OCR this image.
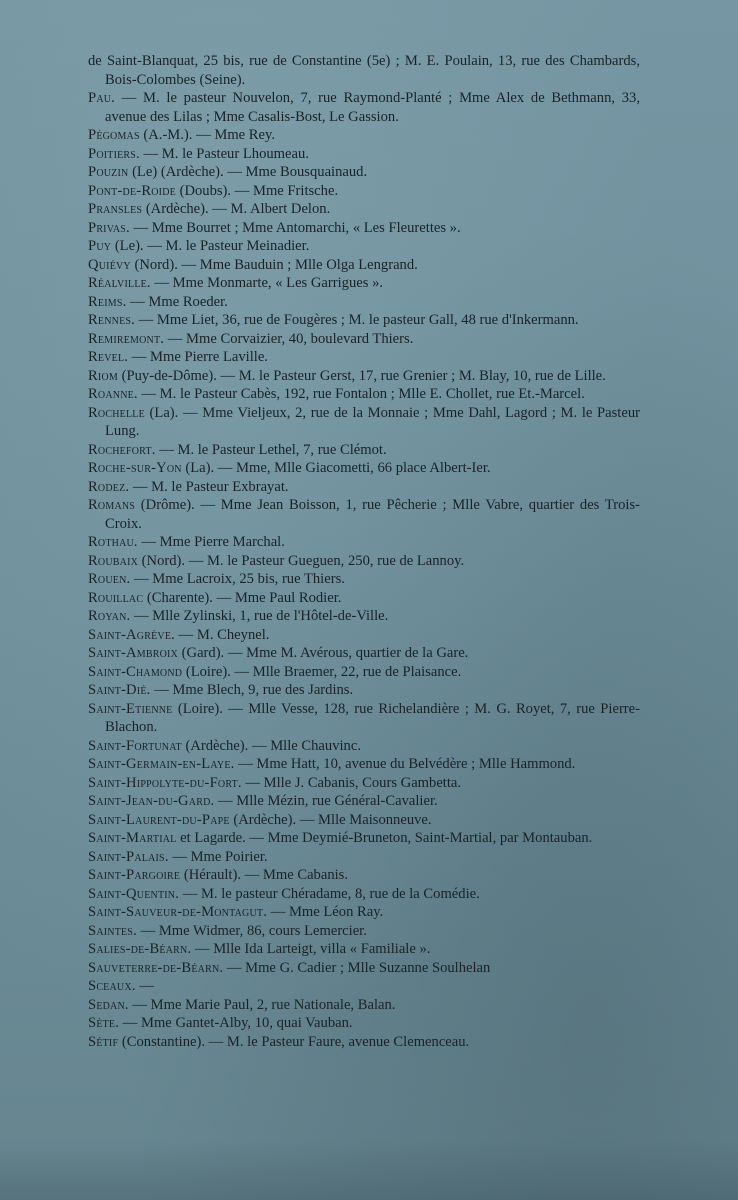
de Saint-Blanquat, 25 bis, rue de Constantine (5e) ; M. E. Poulain, 13, rue des Chambards, Bois-Colombes (Seine).

Pau. — M. le pasteur Nouvelon, 7, rue Raymond-Planté ; Mme Alex de Bethmann, 33, avenue des Lilas ; Mme Casalis-Bost, Le Gassion.

Pégomas (A.-M.). — Mme Rey.

Poitiers. — M. le Pasteur Lhoumeau.

Pouzin (Le) (Ardèche). — Mme Bousquainaud.

Pont-de-Roide (Doubs). — Mme Fritsche.

Pransles (Ardèche). — M. Albert Delon.

Privas. — Mme Bourret ; Mme Antomarchi, « Les Fleurettes ».

Puy (Le). — M. le Pasteur Meinadier.

Quiévy (Nord). — Mme Bauduin ; Mlle Olga Lengrand.

Réalville. — Mme Monmarte, « Les Garrigues ».

Reims. — Mme Roeder.

Rennes. — Mme Liet, 36, rue de Fougères ; M. le pasteur Gall, 48 rue d'Inkermann.

Remiremont. — Mme Corvaizier, 40, boulevard Thiers.

Revel. — Mme Pierre Laville.

Riom (Puy-de-Dôme). — M. le Pasteur Gerst, 17, rue Grenier ; M. Blay, 10, rue de Lille.

Roanne. — M. le Pasteur Cabès, 192, rue Fontalon ; Mlle E. Chollet, rue Et.-Marcel.

Rochelle (La). — Mme Vieljeux, 2, rue de la Monnaie ; Mme Dahl, Lagord ; M. le Pasteur Lung.

Rochefort. — M. le Pasteur Lethel, 7, rue Clémot.

Roche-sur-Yon (La). — Mme, Mlle Giacometti, 66 place Albert-Ier.

Rodez. — M. le Pasteur Exbrayat.

Romans (Drôme). — Mme Jean Boisson, 1, rue Pêcherie ; Mlle Vabre, quartier des Trois-Croix.

Rothau. — Mme Pierre Marchal.

Roubaix (Nord). — M. le Pasteur Gueguen, 250, rue de Lannoy.

Rouen. — Mme Lacroix, 25 bis, rue Thiers.

Rouillac (Charente). — Mme Paul Rodier.

Royan. — Mlle Zylinski, 1, rue de l'Hôtel-de-Ville.

Saint-Agrève. — M. Cheynel.

Saint-Ambroix (Gard). — Mme M. Avérous, quartier de la Gare.

Saint-Chamond (Loire). — Mlle Braemer, 22, rue de Plaisance.

Saint-Dié. — Mme Blech, 9, rue des Jardins.

Saint-Etienne (Loire). — Mlle Vesse, 128, rue Richelandière ; M. G. Royet, 7, rue Pierre-Blachon.

Saint-Fortunat (Ardèche). — Mlle Chauvinc.

Saint-Germain-en-Laye. — Mme Hatt, 10, avenue du Belvédère ; Mlle Hammond.

Saint-Hippolyte-du-Fort. — Mlle J. Cabanis, Cours Gambetta.

Saint-Jean-du-Gard. — Mlle Mézin, rue Général-Cavalier.

Saint-Laurent-du-Pape (Ardèche). — Mlle Maisonneuve.

Saint-Martial et Lagarde. — Mme Deymié-Bruneton, Saint-Martial, par Montauban.

Saint-Palais. — Mme Poirier.

Saint-Pargoire (Hérault). — Mme Cabanis.

Saint-Quentin. — M. le pasteur Chéradame, 8, rue de la Comédie.

Saint-Sauveur-de-Montagut. — Mme Léon Ray.

Saintes. — Mme Widmer, 86, cours Lemercier.

Salies-de-Béarn. — Mlle Ida Larteigt, villa « Familiale ».

Sauveterre-de-Béarn. — Mme G. Cadier ; Mlle Suzanne Soulhelan

Sceaux. —

Sedan. — Mme Marie Paul, 2, rue Nationale, Balan.

Sète. — Mme Gantet-Alby, 10, quai Vauban.

Sétif (Constantine). — M. le Pasteur Faure, avenue Clemenceau.
